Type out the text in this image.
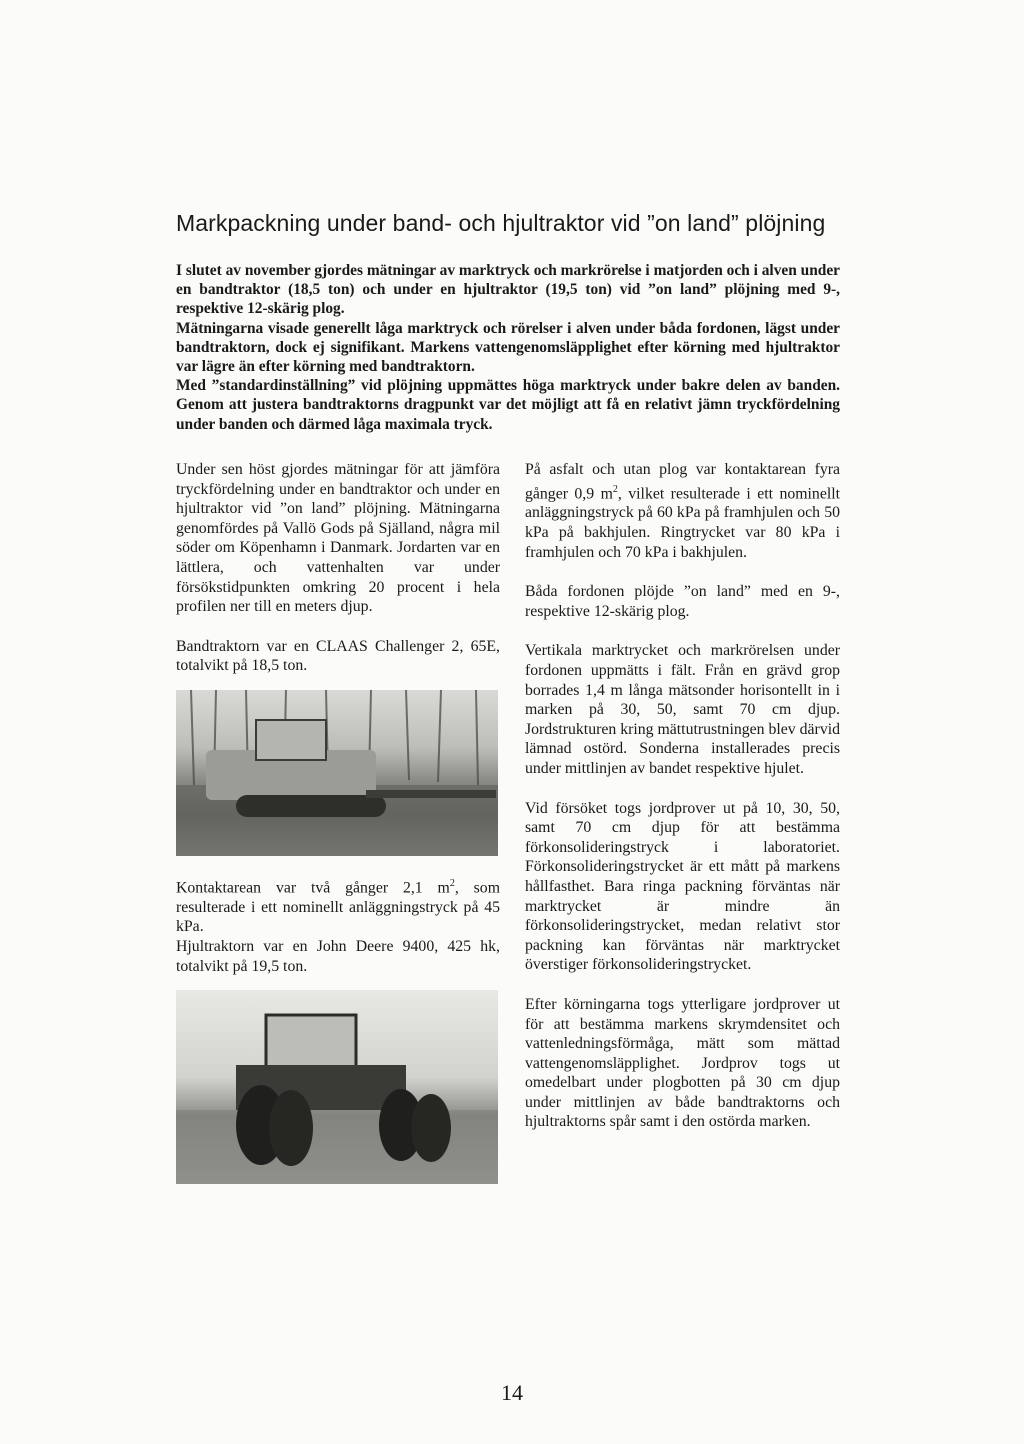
Markpackning under band- och hjultraktor vid ”on land” plöjning

I slutet av november gjordes mätningar av marktryck och markrörelse i matjorden och i alven under en bandtraktor (18,5 ton) och under en hjultraktor (19,5 ton) vid ”on land” plöjning med 9-, respektive 12-skärig plog.

Mätningarna visade generellt låga marktryck och rörelser i alven under båda fordonen, lägst under bandtraktorn, dock ej signifikant. Markens vattengenomsläpplighet efter körning med hjultraktor var lägre än efter körning med bandtraktorn.

Med ”standardinställning” vid plöjning uppmättes höga marktryck under bakre delen av banden. Genom att justera bandtraktorns dragpunkt var det möjligt att få en relativt jämn tryckfördelning under banden och därmed låga maximala tryck.

Under sen höst gjordes mätningar för att jämföra tryckfördelning under en bandtraktor och under en hjultraktor vid ”on land” plöjning. Mätningarna genomfördes på Vallö Gods på Själland, några mil söder om Köpenhamn i Danmark. Jordarten var en lättlera, och vattenhalten var under försökstidpunkten omkring 20 procent i hela profilen ner till en meters djup.

Bandtraktorn var en CLAAS Challenger 2, 65E, totalvikt på 18,5 ton.

Kontaktarean var två gånger 2,1 $m^2$, som resulterade i ett nominellt anläggningstryck på 45 kPa.

Hjultraktorn var en John Deere 9400, 425 hk, totalvikt på 19,5 ton.

På asfalt och utan plog var kontaktarean fyra gånger 0,9 $m^2$, vilket resulterade i ett nominellt anläggningstryck på 60 kPa på framhjulen och 50 kPa på bakhjulen. Ringtrycket var 80 kPa i framhjulen och 70 kPa i bakhjulen.

Båda fordonen plöjde ”on land” med en 9-, respektive 12-skärig plog.

Vertikala marktrycket och markrörelsen under fordonen uppmätts i fält. Från en grävd grop borrades 1,4 m långa mätsonder horisontellt in i marken på 30, 50, samt 70 cm djup. Jordstrukturen kring mättutrustningen blev därvid lämnad ostörd. Sonderna installerades precis under mittlinjen av bandet respektive hjulet.

Vid försöket togs jordprover ut på 10, 30, 50, samt 70 cm djup för att bestämma förkonsolideringstryck i laboratoriet. Förkonsolideringstrycket är ett mått på markens hållfasthet. Bara ringa packning förväntas när marktrycket är mindre än förkonsolideringstrycket, medan relativt stor packning kan förväntas när marktrycket överstiger förkonsolideringstrycket.

Efter körningarna togs ytterligare jordprover ut för att bestämma markens skrymdensitet och vattenledningsförmåga, mätt som mättad vattengenomsläpplighet. Jordprov togs ut omedelbart under plogbotten på 30 cm djup under mittlinjen av både bandtraktorns och hjultraktorns spår samt i den ostörda marken.

14
